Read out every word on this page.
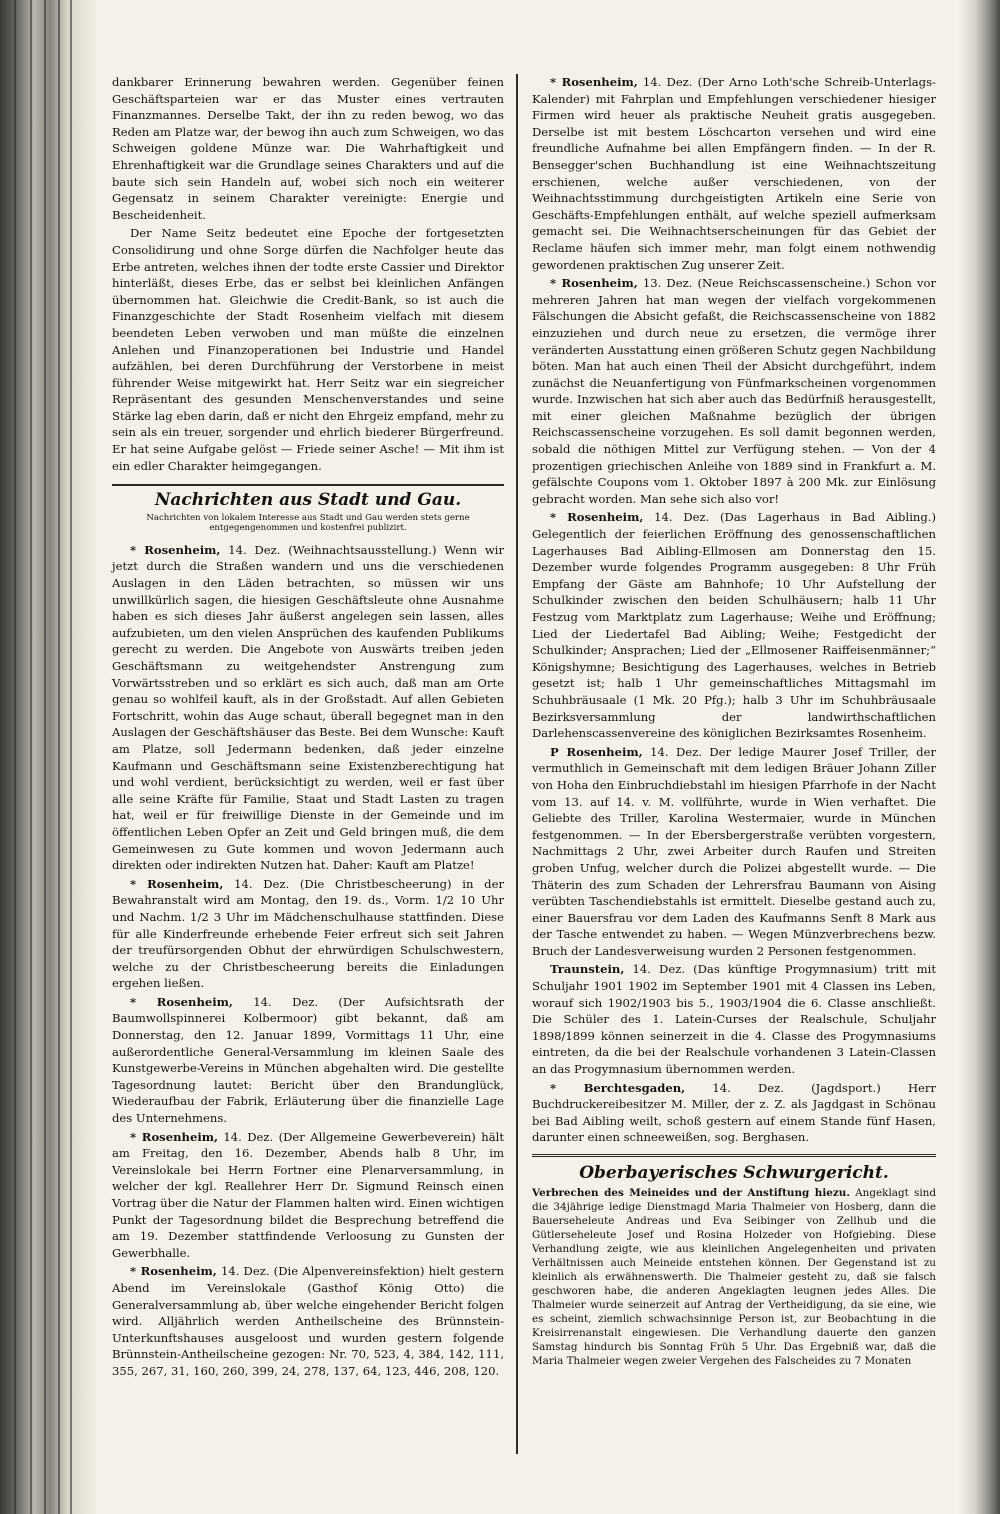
dankbarer Erinnerung bewahren werden. Gegenüber feinen Geschäftsparteien war er das Muster eines vertrauten Finanzmannes. Derselbe Takt, der ihn zu reden bewog, wo das Reden am Platze war, der bewog ihn auch zum Schweigen, wo das Schweigen goldene Münze war. Die Wahrhaftigkeit und Ehrenhaftigkeit war die Grundlage seines Charakters und auf die baute sich sein Handeln auf, wobei sich noch ein weiterer Gegensatz in seinem Charakter vereinigte: Energie und Bescheidenheit.

Der Name Seitz bedeutet eine Epoche der fortgesetzten Consolidirung und ohne Sorge dürfen die Nachfolger heute das Erbe antreten, welches ihnen der todte erste Cassier und Direktor hinterläßt, dieses Erbe, das er selbst bei kleinlichen Anfängen übernommen hat. Gleichwie die Credit-Bank, so ist auch die Finanzgeschichte der Stadt Rosenheim vielfach mit diesem beendeten Leben verwoben und man müßte die einzelnen Anlehen und Finanzoperationen bei Industrie und Handel aufzählen, bei deren Durchführung der Verstorbene in meist führender Weise mitgewirkt hat. Herr Seitz war ein siegreicher Repräsentant des gesunden Menschenverstandes und seine Stärke lag eben darin, daß er nicht den Ehrgeiz empfand, mehr zu sein als ein treuer, sorgender und ehrlich biederer Bürgerfreund. Er hat seine Aufgabe gelöst — Friede seiner Asche! — Mit ihm ist ein edler Charakter heimgegangen.

Nachrichten aus Stadt und Gau.
Nachrichten von lokalem Interesse aus Stadt und Gau werden stets gerne entgegengenommen und kostenfrei publizirt.

* Rosenheim, 14. Dez. (Weihnachtsausstellung.) Wenn wir jetzt durch die Straßen wandern und uns die verschiedenen Auslagen in den Läden betrachten, so müssen wir uns unwillkürlich sagen, die hiesigen Geschäftsleute ohne Ausnahme haben es sich dieses Jahr äußerst angelegen sein lassen, alles aufzubieten, um den vielen Ansprüchen des kaufenden Publikums gerecht zu werden. Die Angebote von Auswärts treiben jeden Geschäftsmann zu weitgehendster Anstrengung zum Vorwärtsstreben und so erklärt es sich auch, daß man am Orte genau so wohlfeil kauft, als in der Großstadt. Auf allen Gebieten Fortschritt, wohin das Auge schaut, überall begegnet man in den Auslagen der Geschäftshäuser das Beste. Bei dem Wunsche: Kauft am Platze, soll Jedermann bedenken, daß jeder einzelne Kaufmann und Geschäftsmann seine Existenzberechtigung hat und wohl verdient, berücksichtigt zu werden, weil er fast über alle seine Kräfte für Familie, Staat und Stadt Lasten zu tragen hat, weil er für freiwillige Dienste in der Gemeinde und im öffentlichen Leben Opfer an Zeit und Geld bringen muß, die dem Gemeinwesen zu Gute kommen und wovon Jedermann auch direkten oder indirekten Nutzen hat. Daher: Kauft am Platze!

* Rosenheim, 14. Dez. (Die Christbescheerung) in der Bewahranstalt wird am Montag, den 19. ds., Vorm. 1/2 10 Uhr und Nachm. 1/2 3 Uhr im Mädchenschulhause stattfinden. Diese für alle Kinderfreunde erhebende Feier erfreut sich seit Jahren der treufürsorgenden Obhut der ehrwürdigen Schulschwestern, welche zu der Christbescheerung bereits die Einladungen ergehen ließen.

* Rosenheim, 14. Dez. (Der Aufsichtsrath der Baumwollspinnerei Kolbermoor) gibt bekannt, daß am Donnerstag, den 12. Januar 1899, Vormittags 11 Uhr, eine außerordentliche General-Versammlung im kleinen Saale des Kunstgewerbe-Vereins in München abgehalten wird. Die gestellte Tagesordnung lautet: Bericht über den Brandunglück, Wiederaufbau der Fabrik, Erläuterung über die finanzielle Lage des Unternehmens.

* Rosenheim, 14. Dez. (Der Allgemeine Gewerbeverein) hält am Freitag, den 16. Dezember, Abends halb 8 Uhr, im Vereinslokale bei Herrn Fortner eine Plenarversammlung, in welcher der kgl. Reallehrer Herr Dr. Sigmund Reinsch einen Vortrag über die Natur der Flammen halten wird. Einen wichtigen Punkt der Tagesordnung bildet die Besprechung betreffend die am 19. Dezember stattfindende Verloosung zu Gunsten der Gewerbhalle.

* Rosenheim, 14. Dez. (Die Alpenvereinsfektion) hielt gestern Abend im Vereinslokale (Gasthof König Otto) die Generalversammlung ab, über welche eingehender Bericht folgen wird. Alljährlich werden Antheilscheine des Brünnstein-Unterkunftshauses ausgeloost und wurden gestern folgende Brünnstein-Antheilscheine gezogen: Nr. 70, 523, 4, 384, 142, 111, 355, 267, 31, 160, 260, 399, 24, 278, 137, 64, 123, 446, 208, 120.

* Rosenheim, 14. Dez. (Der Arno Loth'sche Schreib-Unterlags-Kalender) mit Fahrplan und Empfehlungen verschiedener hiesiger Firmen wird heuer als praktische Neuheit gratis ausgegeben. Derselbe ist mit bestem Löschcarton versehen und wird eine freundliche Aufnahme bei allen Empfängern finden. — In der R. Bensegger'schen Buchhandlung ist eine Weihnachtszeitung erschienen, welche außer verschiedenen, von der Weihnachtsstimmung durchgeistigten Artikeln eine Serie von Geschäfts-Empfehlungen enthält, auf welche speziell aufmerksam gemacht sei. Die Weihnachtserscheinungen für das Gebiet der Reclame häufen sich immer mehr, man folgt einem nothwendig gewordenen praktischen Zug unserer Zeit.

* Rosenheim, 13. Dez. (Neue Reichscassenscheine.) Schon vor mehreren Jahren hat man wegen der vielfach vorgekommenen Fälschungen die Absicht gefaßt, die Reichscassenscheine von 1882 einzuziehen und durch neue zu ersetzen, die vermöge ihrer veränderten Ausstattung einen größeren Schutz gegen Nachbildung böten. Man hat auch einen Theil der Absicht durchgeführt, indem zunächst die Neuanfertigung von Fünfmarkscheinen vorgenommen wurde. Inzwischen hat sich aber auch das Bedürfniß herausgestellt, mit einer gleichen Maßnahme bezüglich der übrigen Reichscassenscheine vorzugehen. Es soll damit begonnen werden, sobald die nöthigen Mittel zur Verfügung stehen. — Von der 4 prozentigen griechischen Anleihe von 1889 sind in Frankfurt a. M. gefälschte Coupons vom 1. Oktober 1897 à 200 Mk. zur Einlösung gebracht worden. Man sehe sich also vor!

* Rosenheim, 14. Dez. (Das Lagerhaus in Bad Aibling.) Gelegentlich der feierlichen Eröffnung des genossenschaftlichen Lagerhauses Bad Aibling-Ellmosen am Donnerstag den 15. Dezember wurde folgendes Programm ausgegeben: 8 Uhr Früh Empfang der Gäste am Bahnhofe; 10 Uhr Aufstellung der Schulkinder zwischen den beiden Schulhäusern; halb 11 Uhr Festzug vom Marktplatz zum Lagerhause; Weihe und Eröffnung; Lied der Liedertafel Bad Aibling; Weihe; Festgedicht der Schulkinder; Ansprachen; Lied der „Ellmosener Raiffeisenmänner;“ Königshymne; Besichtigung des Lagerhauses, welches in Betrieb gesetzt ist; halb 1 Uhr gemeinschaftliches Mittagsmahl im Schuhbräusaale (1 Mk. 20 Pfg.); halb 3 Uhr im Schuhbräusaale Bezirksversammlung der landwirthschaftlichen Darlehenscassenvereine des königlichen Bezirksamtes Rosenheim.

P Rosenheim, 14. Dez. Der ledige Maurer Josef Triller, der vermuthlich in Gemeinschaft mit dem ledigen Bräuer Johann Ziller von Hoha den Einbruchdiebstahl im hiesigen Pfarrhofe in der Nacht vom 13. auf 14. v. M. vollführte, wurde in Wien verhaftet. Die Geliebte des Triller, Karolina Westermaier, wurde in München festgenommen. — In der Ebersbergerstraße verübten vorgestern, Nachmittags 2 Uhr, zwei Arbeiter durch Raufen und Streiten groben Unfug, welcher durch die Polizei abgestellt wurde. — Die Thäterin des zum Schaden der Lehrersfrau Baumann von Aising verübten Taschendiebstahls ist ermittelt. Dieselbe gestand auch zu, einer Bauersfrau vor dem Laden des Kaufmanns Senft 8 Mark aus der Tasche entwendet zu haben. — Wegen Münzverbrechens bezw. Bruch der Landesverweisung wurden 2 Personen festgenommen.

Traunstein, 14. Dez. (Das künftige Progymnasium) tritt mit Schuljahr 1901 1902 im September 1901 mit 4 Classen ins Leben, worauf sich 1902/1903 bis 5., 1903/1904 die 6. Classe anschließt. Die Schüler des 1. Latein-Curses der Realschule, Schuljahr 1898/1899 können seinerzeit in die 4. Classe des Progymnasiums eintreten, da die bei der Realschule vorhandenen 3 Latein-Classen an das Progymnasium übernommen werden.

* Berchtesgaden, 14. Dez. (Jagdsport.) Herr Buchdruckereibesitzer M. Miller, der z. Z. als Jagdgast in Schönau bei Bad Aibling weilt, schoß gestern auf einem Stande fünf Hasen, darunter einen schneeweißen, sog. Berghasen.

Oberbayerisches Schwurgericht.

Verbrechen des Meineides und der Anstiftung hiezu. Angeklagt sind die 34jährige ledige Dienstmagd Maria Thalmeier von Hosberg, dann die Bauerseheleute Andreas und Eva Seibinger von Zellhub und die Gütlerseheleute Josef und Rosina Holzeder von Hofgiebing. Diese Verhandlung zeigte, wie aus kleinlichen Angelegenheiten und privaten Verhältnissen auch Meineide entstehen können. Der Gegenstand ist zu kleinlich als erwähnenswerth. Die Thalmeier gesteht zu, daß sie falsch geschworen habe, die anderen Angeklagten leugnen jedes Alles. Die Thalmeier wurde seinerzeit auf Antrag der Vertheidigung, da sie eine, wie es scheint, ziemlich schwachsinnige Person ist, zur Beobachtung in die Kreisirrenanstalt eingewiesen. Die Verhandlung dauerte den ganzen Samstag hindurch bis Sonntag Früh 5 Uhr. Das Ergebniß war, daß die Maria Thalmeier wegen zweier Vergehen des Falscheides zu 7 Monaten
